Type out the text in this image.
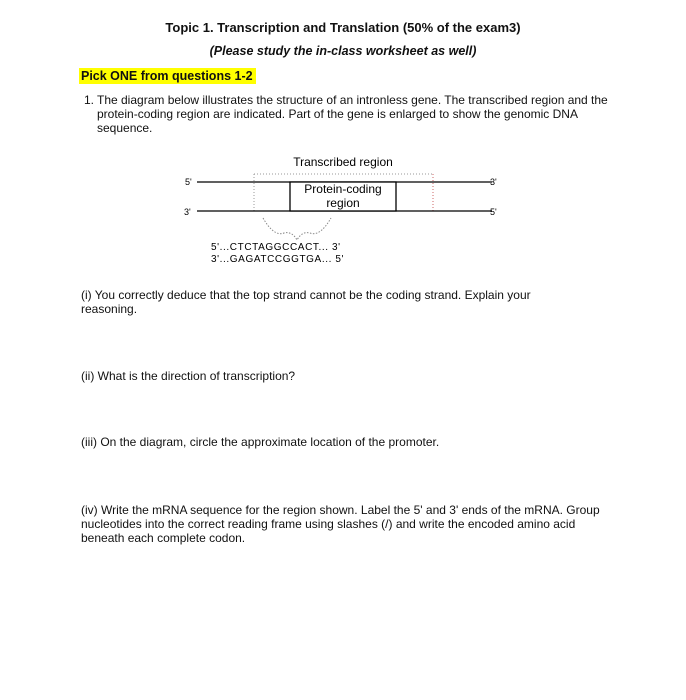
Topic 1. Transcription and Translation (50% of the exam3)
(Please study the in-class worksheet as well)
Pick ONE from questions 1-2
1. The diagram below illustrates the structure of an intronless gene. The transcribed region and the protein-coding region are indicated. Part of the gene is enlarged to show the genomic DNA sequence.
Transcribed region
5'
3'
3'
5'
Protein-coding
region
5'...CTCTAGGCCACT... 3'
3'...GAGATCCGGTGA... 5'
(i) You correctly deduce that the top strand cannot be the coding strand. Explain your reasoning.
(ii) What is the direction of transcription?
(iii) On the diagram, circle the approximate location of the promoter.
(iv) Write the mRNA sequence for the region shown. Label the 5' and 3' ends of the mRNA. Group nucleotides into the correct reading frame using slashes (/) and write the encoded amino acid beneath each complete codon.
